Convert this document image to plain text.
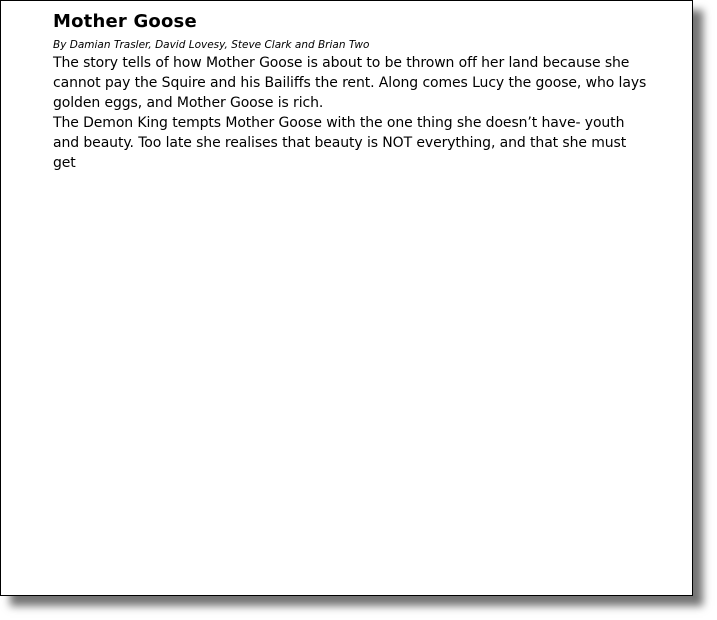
Mother Goose

By Damian Trasler, David Lovesy, Steve Clark and Brian Two

The story tells of how Mother Goose is about to be thrown off her land because she cannot pay the Squire and his Bailiffs the rent. Along comes Lucy the goose, who lays golden eggs, and Mother Goose is rich.

The Demon King tempts Mother Goose with the one thing she doesn’t have- youth and beauty. Too late she realises that beauty is NOT everything, and that she must get
